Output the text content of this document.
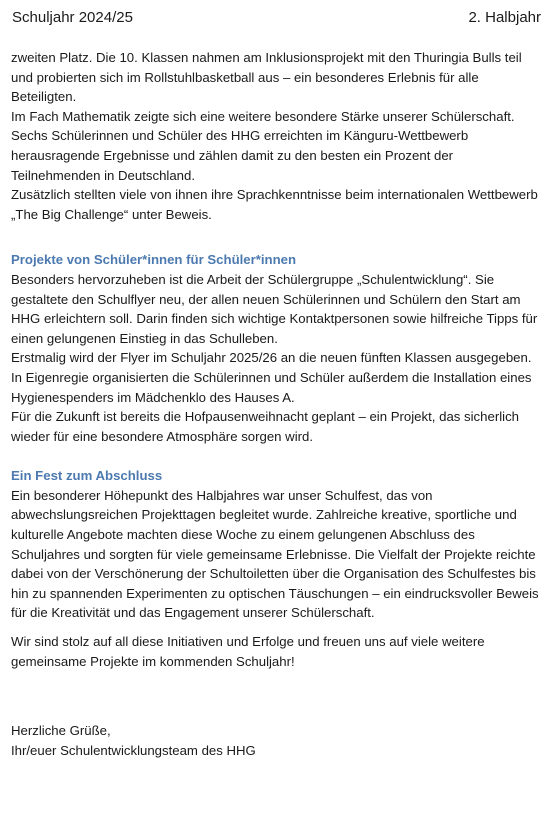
Schuljahr 2024/25	2. Halbjahr

zweiten Platz. Die 10. Klassen nahmen am Inklusionsprojekt mit den Thuringia Bulls teil und probierten sich im Rollstuhlbasketball aus – ein besonderes Erlebnis für alle Beteiligten.

Im Fach Mathematik zeigte sich eine weitere besondere Stärke unserer Schülerschaft. Sechs Schülerinnen und Schüler des HHG erreichten im Känguru-Wettbewerb herausragende Ergebnisse und zählen damit zu den besten ein Prozent der Teilnehmenden in Deutschland.

Zusätzlich stellten viele von ihnen ihre Sprachkenntnisse beim internationalen Wettbewerb „The Big Challenge“ unter Beweis.

Projekte von Schüler*innen für Schüler*innen

Besonders hervorzuheben ist die Arbeit der Schülergruppe „Schulentwicklung“. Sie gestaltete den Schulflyer neu, der allen neuen Schülerinnen und Schülern den Start am HHG erleichtern soll. Darin finden sich wichtige Kontaktpersonen sowie hilfreiche Tipps für einen gelungenen Einstieg in das Schulleben.

Erstmalig wird der Flyer im Schuljahr 2025/26 an die neuen fünften Klassen ausgegeben.

In Eigenregie organisierten die Schülerinnen und Schüler außerdem die Installation eines Hygienespenders im Mädchenklo des Hauses A.

Für die Zukunft ist bereits die Hofpausenweihnacht geplant – ein Projekt, das sicherlich wieder für eine besondere Atmosphäre sorgen wird.

Ein Fest zum Abschluss

Ein besonderer Höhepunkt des Halbjahres war unser Schulfest, das von abwechslungsreichen Projekttagen begleitet wurde. Zahlreiche kreative, sportliche und kulturelle Angebote machten diese Woche zu einem gelungenen Abschluss des Schuljahres und sorgten für viele gemeinsame Erlebnisse. Die Vielfalt der Projekte reichte dabei von der Verschönerung der Schultoiletten über die Organisation des Schulfestes bis hin zu spannenden Experimenten zu optischen Täuschungen – ein eindrucksvoller Beweis für die Kreativität und das Engagement unserer Schülerschaft.

Wir sind stolz auf all diese Initiativen und Erfolge und freuen uns auf viele weitere gemeinsame Projekte im kommenden Schuljahr!

Herzliche Grüße,

Ihr/euer Schulentwicklungsteam des HHG
